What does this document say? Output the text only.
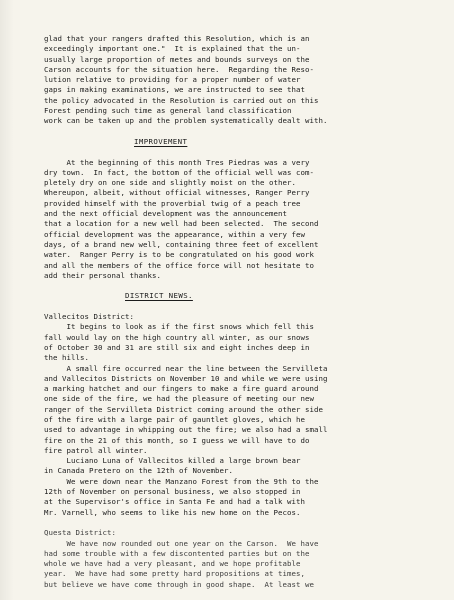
glad that your rangers drafted this Resolution, which is an
exceedingly important one."  It is explained that the un-
usually large proportion of metes and bounds surveys on the
Carson accounts for the situation here.  Regarding the Reso-
lution relative to providing for a proper number of water
gaps in making examinations, we are instructed to see that
the policy advocated in the Resolution is carried out on this
Forest pending such time as general land classification
work can be taken up and the problem systematically dealt with.
IMPROVEMENT
At the beginning of this month Tres Piedras was a very
dry town.  In fact, the bottom of the official well was com-
pletely dry on one side and slightly moist on the other.
Whereupon, albeit, without official witnesses, Ranger Perry
provided himself with the proverbial twig of a peach tree
and the next official development was the announcement
that a location for a new well had been selected.  The second
official development was the appearance, within a very few
days, of a brand new well, containing three feet of excellent
water.  Ranger Perry is to be congratulated on his good work
and all the members of the office force will not hesitate to
add their personal thanks.
DISTRICT NEWS.
Vallecitos District:
It begins to look as if the first snows which fell this
fall would lay on the high country all winter, as our snows
of October 30 and 31 are still six and eight inches deep in
the hills.
A small fire occurred near the line between the Servilleta
and Vallecitos Districts on November 10 and while we were using
a marking hatchet and our fingers to make a fire guard around
one side of the fire, we had the pleasure of meeting our new
ranger of the Servilleta District coming around the other side
of the fire with a large pair of gauntlet gloves, which he
used to advantage in whipping out the fire; we also had a small
fire on the 21 of this month, so I guess we will have to do
fire patrol all winter.
Luciano Luna of Vallecitos killed a large brown bear
in Canada Pretero on the 12th of November.
We were down near the Manzano Forest from the 9th to the
12th of November on personal business, we also stopped in
at the Supervisor's office in Santa Fe and had a talk with
Mr. Varnell, who seems to like his new home on the Pecos.
Questa District:
We have now rounded out one year on the Carson.  We have
had some trouble with a few discontented parties but on the
whole we have had a very pleasant, and we hope profitable
year.  We have had some pretty hard propositions at times,
but believe we have come through in good shape.  At least we
